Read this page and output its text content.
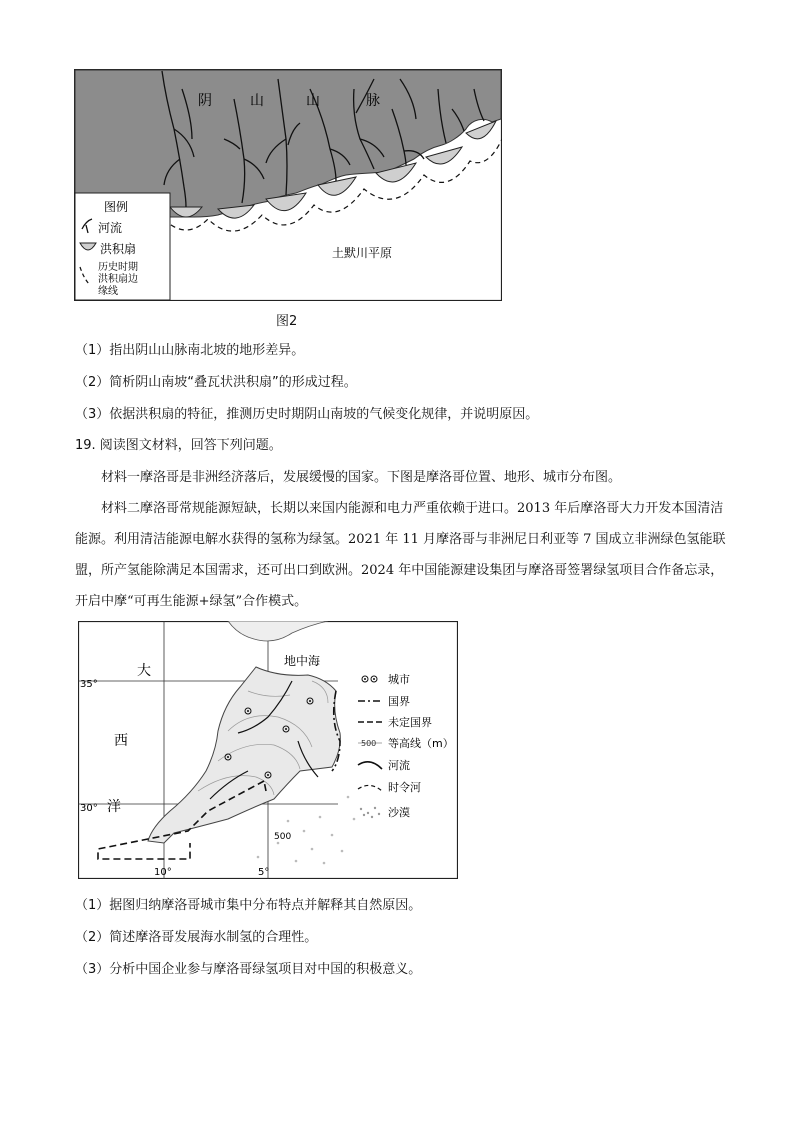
阴	山	山	脉
土默川平原
图例
河流
洪积扇
历史时期
洪积扇边
缘线
图2
（1）指出阴山山脉南北坡的地形差异。
（2）简析阴山南坡“叠瓦状洪积扇”的形成过程。
（3）依据洪积扇的特征，推测历史时期阴山南坡的气候变化规律，并说明原因。
19. 阅读图文材料，回答下列问题。
材料一摩洛哥是非洲经济落后，发展缓慢的国家。下图是摩洛哥位置、地形、城市分布图。
材料二摩洛哥常规能源短缺，长期以来国内能源和电力严重依赖于进口。2013 年后摩洛哥大力开发本国清洁能源。利用清洁能源电解水获得的氢称为绿氢。2021 年 11 月摩洛哥与非洲尼日利亚等 7 国成立非洲绿色氢能联盟，所产氢能除满足本国需求，还可出口到欧洲。2024 年中国能源建设集团与摩洛哥签署绿氢项目合作备忘录，开启中摩“可再生能源+绿氢”合作模式。
大
西
洋
地中海
35°
30°
10°	5°
500
城市
国界
未定国界
500 等高线（m）
河流
时令河
沙漠
（1）据图归纳摩洛哥城市集中分布特点并解释其自然原因。
（2）简述摩洛哥发展海水制氢的合理性。
（3）分析中国企业参与摩洛哥绿氢项目对中国的积极意义。
